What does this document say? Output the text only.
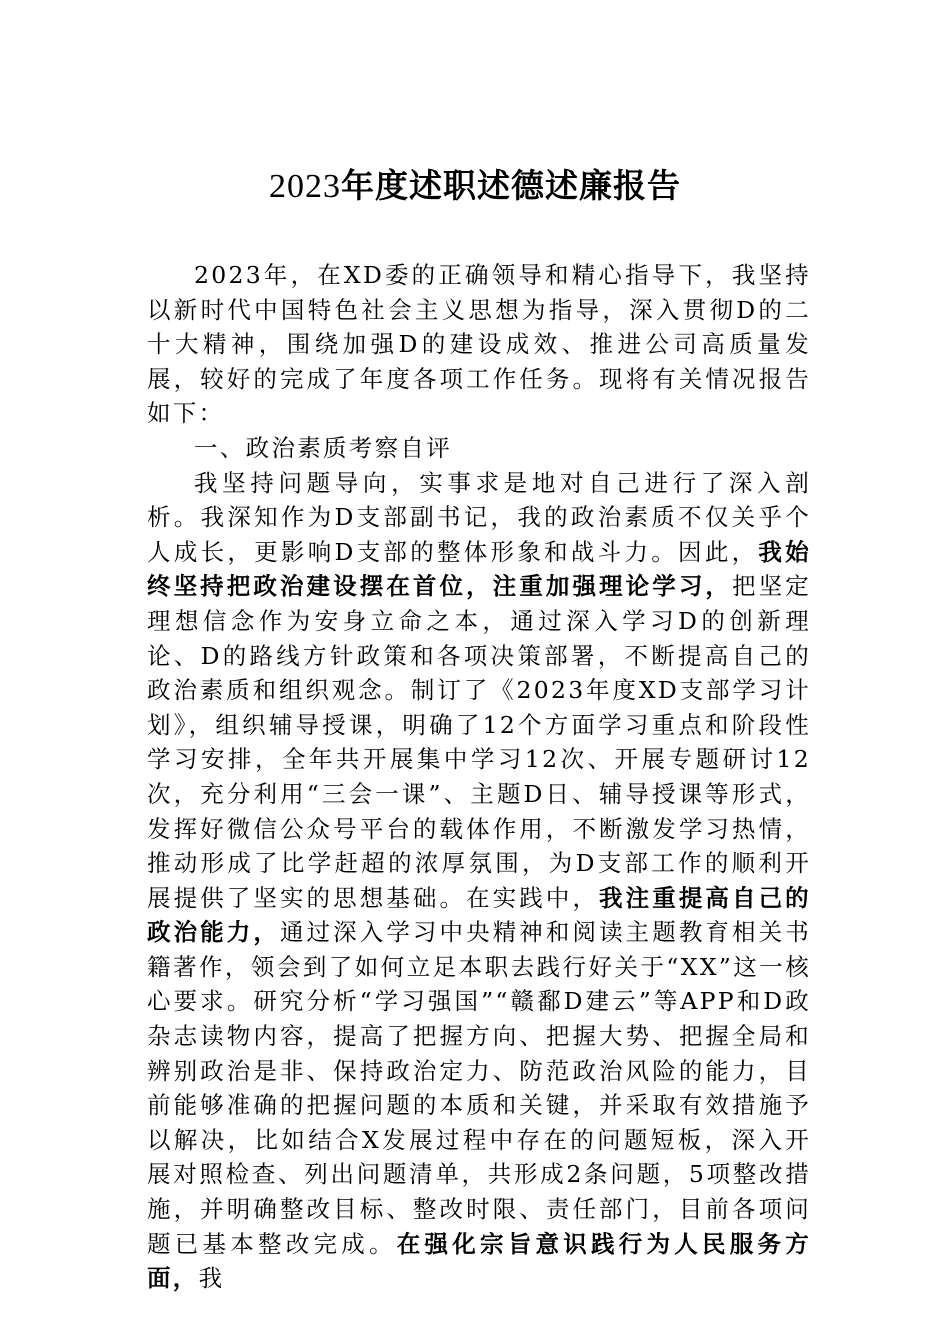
2023年度述职述德述廉报告

2023年，在XD委的正确领导和精心指导下，我坚持以新时代中国特色社会主义思想为指导，深入贯彻D的二十大精神，围绕加强D的建设成效、推进公司高质量发展，较好的完成了年度各项工作任务。现将有关情况报告如下：

一、政治素质考察自评

我坚持问题导向，实事求是地对自己进行了深入剖析。我深知作为D支部副书记，我的政治素质不仅关乎个人成长，更影响D支部的整体形象和战斗力。因此，我始终坚持把政治建设摆在首位，注重加强理论学习，把坚定理想信念作为安身立命之本，通过深入学习D的创新理论、D的路线方针政策和各项决策部署，不断提高自己的政治素质和组织观念。制订了《2023年度XD支部学习计划》，组织辅导授课，明确了12个方面学习重点和阶段性学习安排，全年共开展集中学习12次、开展专题研讨12次，充分利用“三会一课”、主题D日、辅导授课等形式，发挥好微信公众号平台的载体作用，不断激发学习热情，推动形成了比学赶超的浓厚氛围，为D支部工作的顺利开展提供了坚实的思想基础。在实践中，我注重提高自己的政治能力，通过深入学习中央精神和阅读主题教育相关书籍著作，领会到了如何立足本职去践行好关于“XX”这一核心要求。研究分析“学习强国”“赣鄱D建云”等APP和D政杂志读物内容，提高了把握方向、把握大势、把握全局和辨别政治是非、保持政治定力、防范政治风险的能力，目前能够准确的把握问题的本质和关键，并采取有效措施予以解决，比如结合X发展过程中存在的问题短板，深入开展对照检查、列出问题清单，共形成2条问题，5项整改措施，并明确整改目标、整改时限、责任部门，目前各项问题已基本整改完成。在强化宗旨意识践行为人民服务方面，我
